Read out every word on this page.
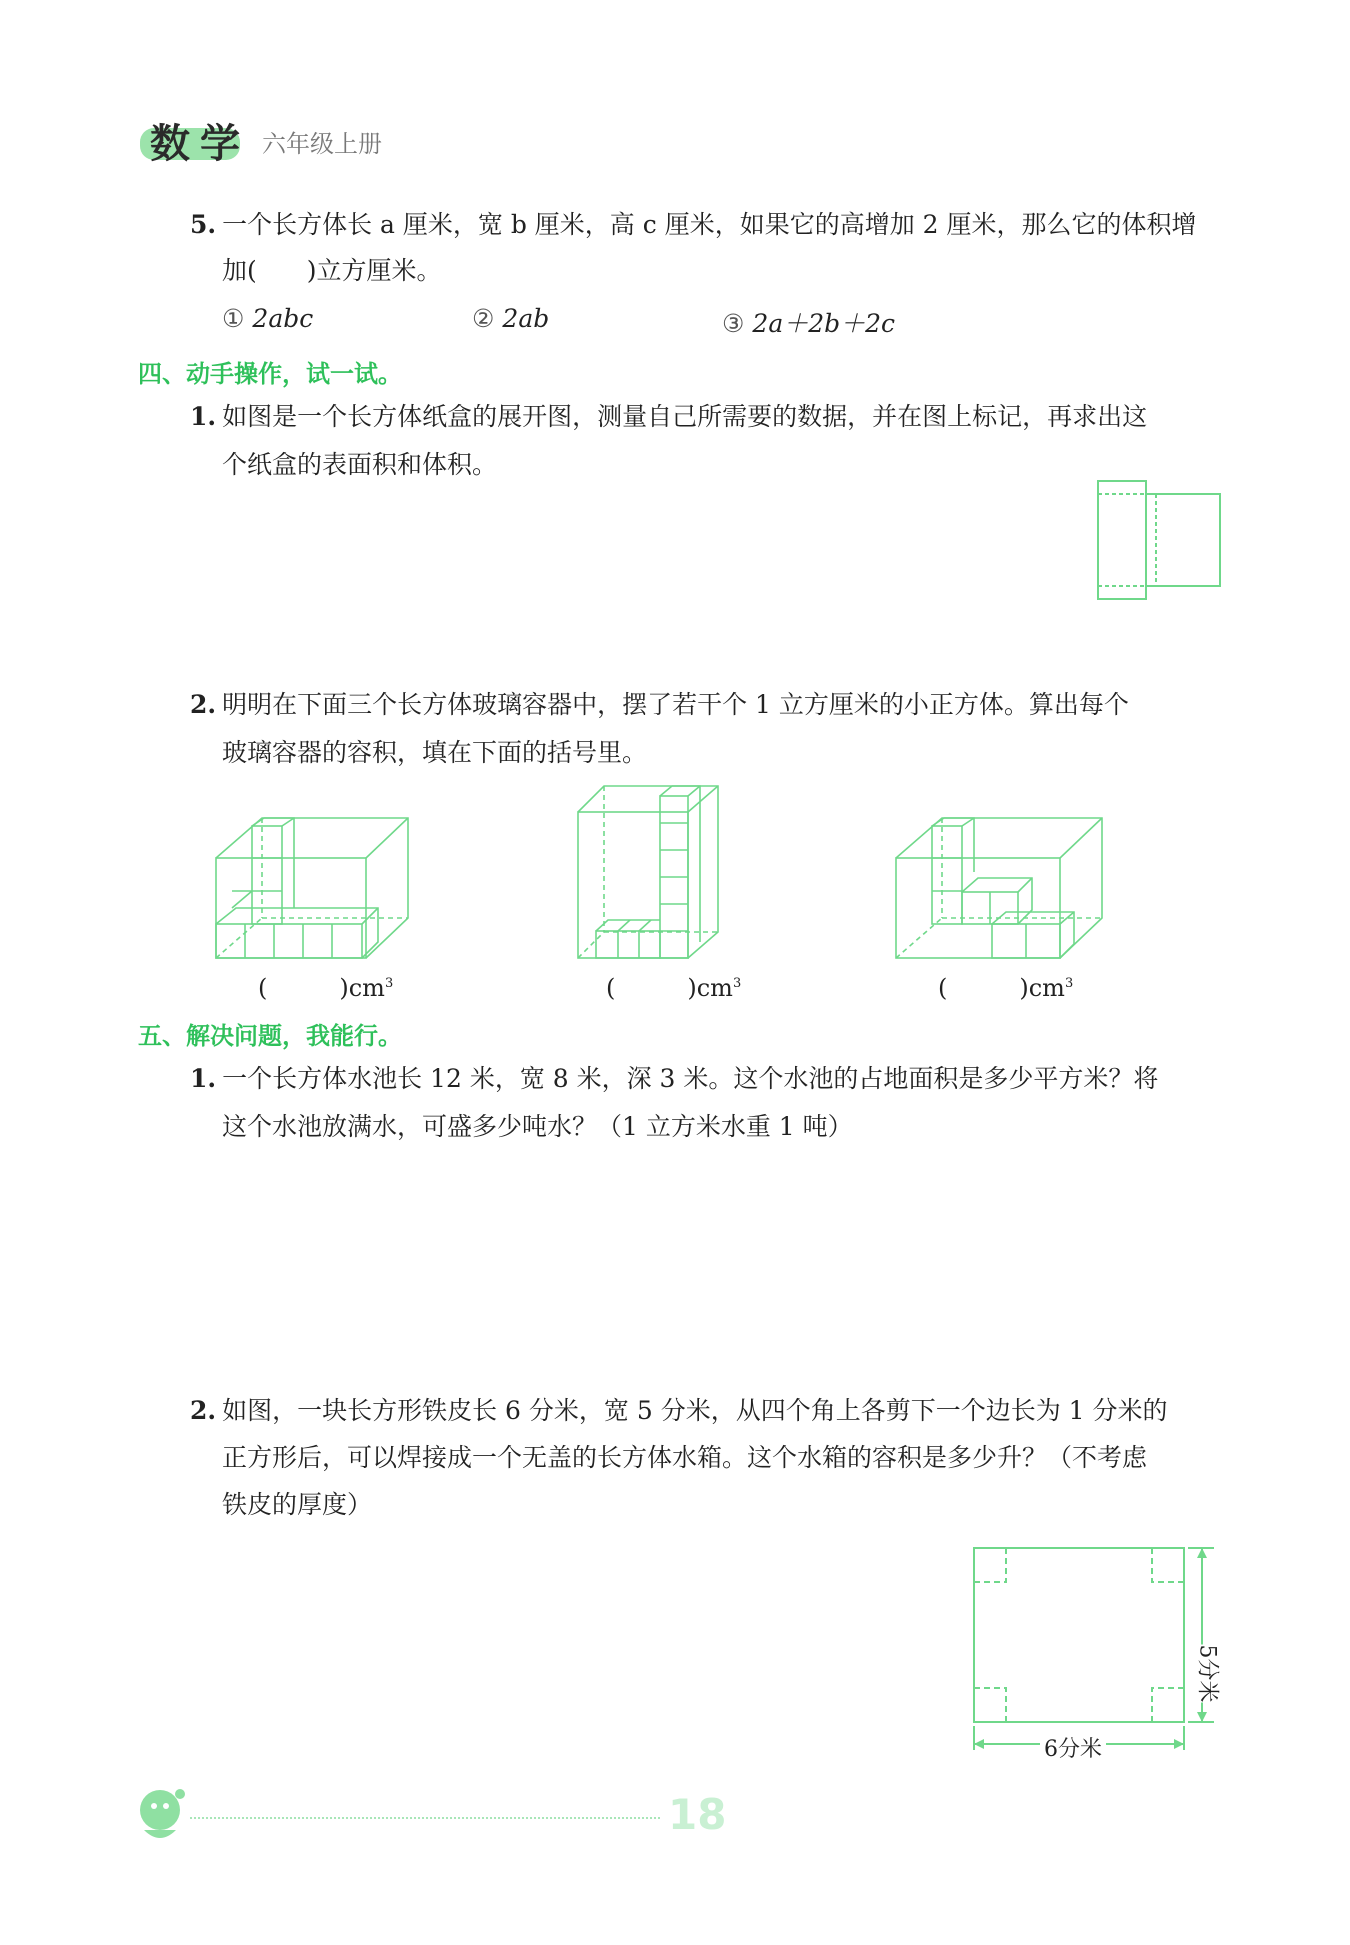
数学 六年级上册
5. 一个长方体长 a 厘米，宽 b 厘米，高 c 厘米，如果它的高增加 2 厘米，那么它的体积增
加(　　)立方厘米。
① 2abc	② 2ab	③ 2a＋2b＋2c
四、动手操作，试一试。
1. 如图是一个长方体纸盒的展开图，测量自己所需要的数据，并在图上标记，再求出这
个纸盒的表面积和体积。
2. 明明在下面三个长方体玻璃容器中，摆了若干个 1 立方厘米的小正方体。算出每个
玻璃容器的容积，填在下面的括号里。
(　　　)$cm^3$	(　　　)$cm^3$	(　　　)$cm^3$
五、解决问题，我能行。
1. 一个长方体水池长 12 米，宽 8 米，深 3 米。这个水池的占地面积是多少平方米？将
这个水池放满水，可盛多少吨水？（1 立方米水重 1 吨）
2. 如图，一块长方形铁皮长 6 分米，宽 5 分米，从四个角上各剪下一个边长为 1 分米的
正方形后，可以焊接成一个无盖的长方体水箱。这个水箱的容积是多少升？（不考虑
铁皮的厚度）
6分米
5分米
18
